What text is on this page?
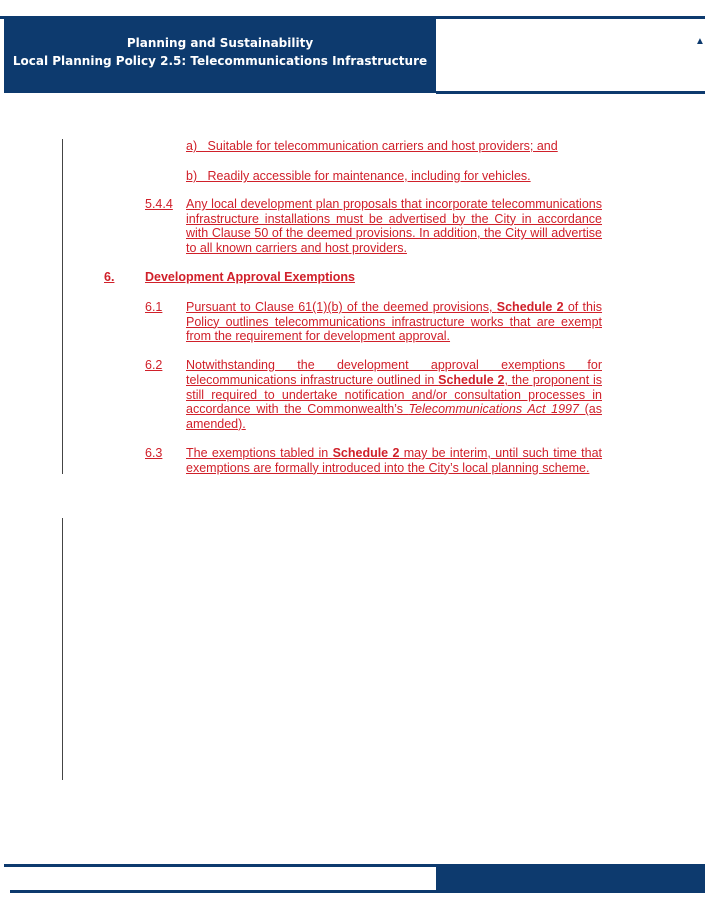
Planning and Sustainability
Local Planning Policy 2.5: Telecommunications Infrastructure
▲
a)   Suitable for telecommunication carriers and host providers; and
b)   Readily accessible for maintenance, including for vehicles.
5.4.4 Any local development plan proposals that incorporate telecommunications infrastructure installations must be advertised by the City in accordance with Clause 50 of the deemed provisions. In addition, the City will advertise to all known carriers and host providers.
6. Development Approval Exemptions
6.1 Pursuant to Clause 61(1)(b) of the deemed provisions, Schedule 2 of this Policy outlines telecommunications infrastructure works that are exempt from the requirement for development approval.
6.2 Notwithstanding the development approval exemptions for
telecommunications infrastructure outlined in Schedule 2, the proponent is still required to undertake notification and/or consultation processes in accordance with the Commonwealth’s Telecommunications Act 1997 (as amended).
6.3 The exemptions tabled in Schedule 2 may be interim, until such time that exemptions are formally introduced into the City’s local planning scheme.
